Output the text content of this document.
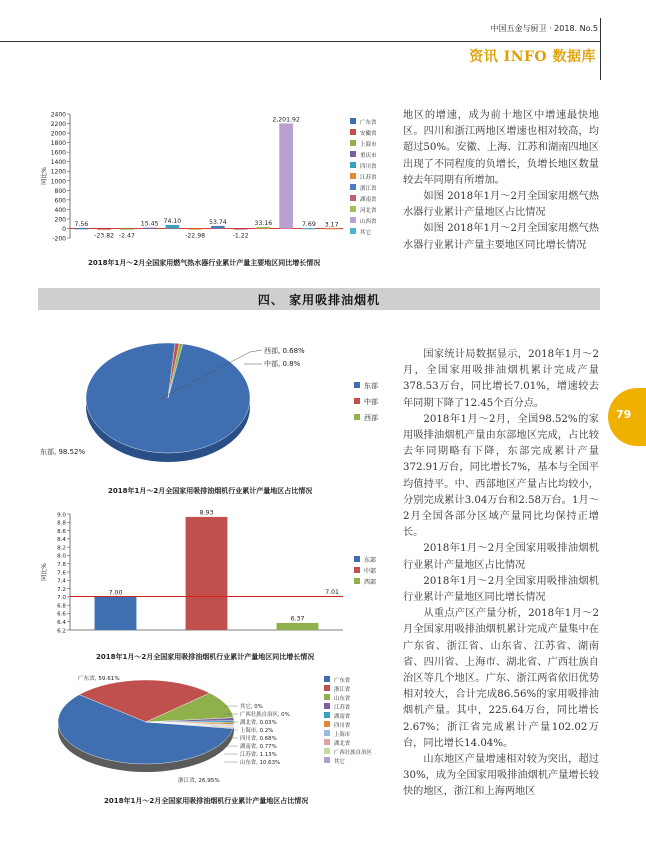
中国五金与厨卫 · 2018. No.5
资讯 INFO 数据库
79
-200
0
200
400
600
800
1000
1200
1400
1600
1800
2000
2200
2400
同比%
7.56
-23.82 -2.47
15.45 74.10
-22.98
53.74
-1.22
33.16
2,201.92
7.69 3.17
广东省
安徽省
上海市
重庆市
四川省
江苏省
浙江省
湖南省
河北省
山西省
其它
2018年1月～2月全国家用燃气热水器行业累计产量主要地区同比增长情况

地区的增速，成为前十地区中增速最快地区。四川和浙江两地区增速也相对较高，均超过50%。安徽、上海、江苏和湖南四地区出现了不同程度的负增长，负增长地区数量较去年同期有所增加。

如图 2018年1月～2月全国家用燃气热水器行业累计产量地区占比情况

如图 2018年1月～2月全国家用燃气热水器行业累计产量主要地区同比增长情况

四、 家用吸排油烟机
东部, 98.52%
中部, 0.8%
西部, 0.68%
东部
中部
西部
2018年1月～2月全国家用吸排油烟机行业累计产量地区占比情况
6.2
6.4
6.6
6.8
7.0
7.2
7.4
7.6
7.8
8.0
8.2
8.4
8.6
8.8
9.0
同比%
7.00
8.93
6.37
7.01
东部
中部
西部
2018年1月～2月全国家用吸排油烟机行业累计产量地区同比增长情况
广东省, 59.61%
浙江省, 26.95%
其它, 0%
广西壮族自治区, 0%
湖北省, 0.03%
上海市, 0.2%
四川省, 0.68%
湖南省, 0.77%
江苏省, 1.13%
山东省, 10.63%
广东省
浙江省
山东省
江苏省
湖南省
四川省
上海市
湖北省
广西壮族自治区
其它
2018年1月～2月全国家用吸排油烟机行业累计产量地区占比情况

国家统计局数据显示，2018年1月～2月，全国家用吸排油烟机累计完成产量378.53万台，同比增长7.01%，增速较去年同期下降了12.45个百分点。

2018年1月～2月，全国98.52%的家用吸排油烟机产量由东部地区完成，占比较去年同期略有下降，东部完成累计产量372.91万台，同比增长7%，基本与全国平均值持平。中、西部地区产量占比均较小，分别完成累计3.04万台和2.58万台。1月～2月全国各部分区域产量同比均保持正增长。

2018年1月～2月全国家用吸排油烟机行业累计产量地区占比情况

2018年1月～2月全国家用吸排油烟机行业累计产量地区同比增长情况

从重点产区产量分析，2018年1月～2月全国家用吸排油烟机累计完成产量集中在广东省、浙江省、山东省、江苏省、湖南省、四川省、上海市、湖北省、广西壮族自治区等几个地区。广东、浙江两省依旧优势相对较大，合计完成86.56%的家用吸排油烟机产量。其中，225.64万台，同比增长2.67%；浙江省完成累计产量102.02万台，同比增长14.04%。

山东地区产量增速相对较为突出，超过30%，成为全国家用吸排油烟机产量增长较快的地区，浙江和上海两地区
